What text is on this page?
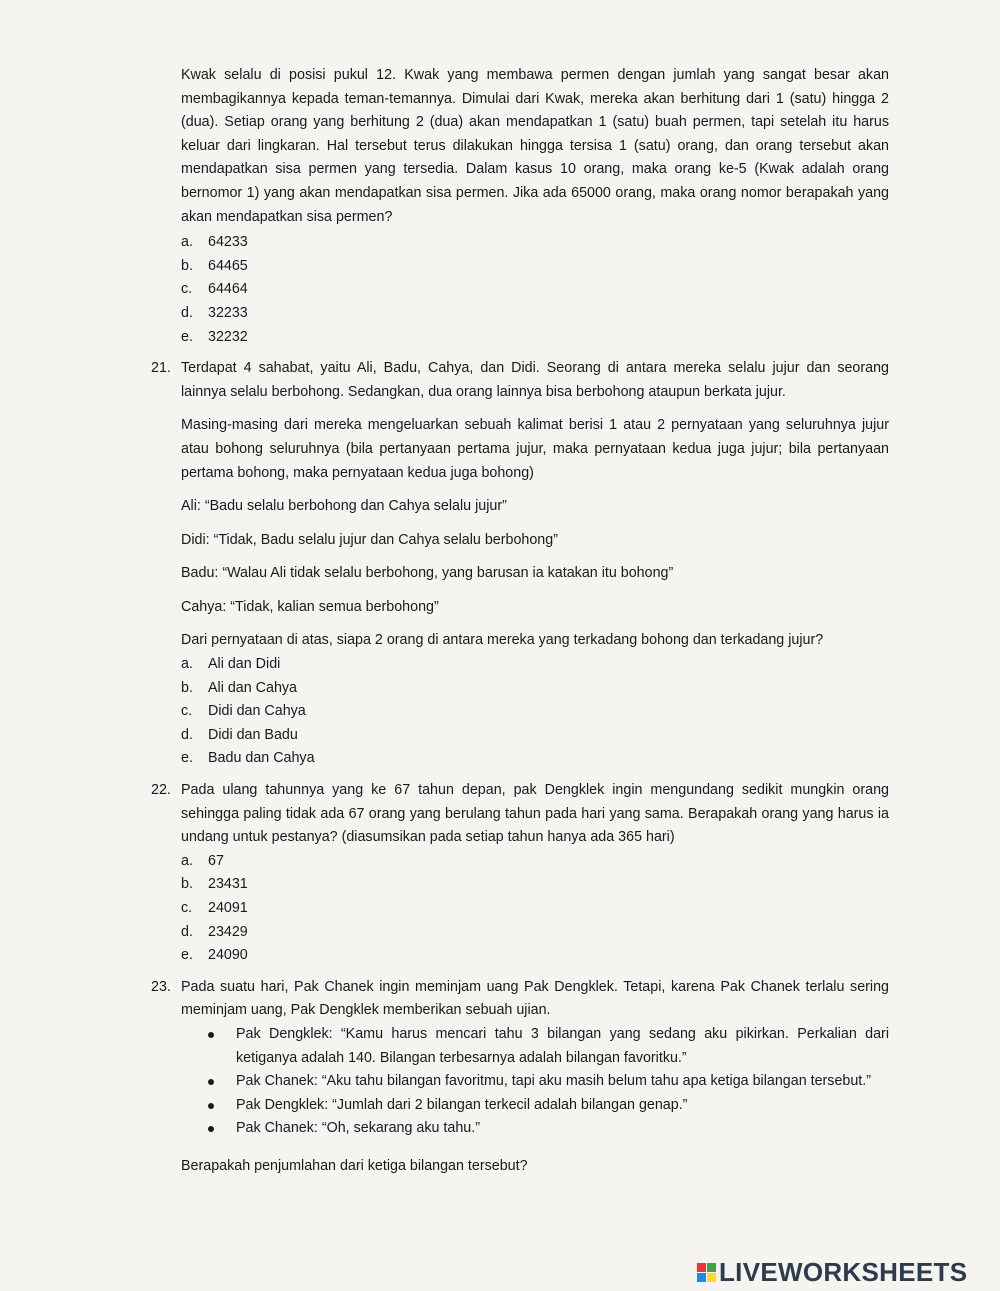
Kwak selalu di posisi pukul 12. Kwak yang membawa permen dengan jumlah yang sangat besar akan membagikannya kepada teman-temannya. Dimulai dari Kwak, mereka akan berhitung dari 1 (satu) hingga 2 (dua). Setiap orang yang berhitung 2 (dua) akan mendapatkan 1 (satu) buah permen, tapi setelah itu harus keluar dari lingkaran. Hal tersebut terus dilakukan hingga tersisa 1 (satu) orang, dan orang tersebut akan mendapatkan sisa permen yang tersedia. Dalam kasus 10 orang, maka orang ke-5 (Kwak adalah orang bernomor 1) yang akan mendapatkan sisa permen. Jika ada 65000 orang, maka orang nomor berapakah yang akan mendapatkan sisa permen?
a.	64233
b.	64465
c.	64464
d.	32233
e.	32232
21. Terdapat 4 sahabat, yaitu Ali, Badu, Cahya, dan Didi. Seorang di antara mereka selalu jujur dan seorang lainnya selalu berbohong. Sedangkan, dua orang lainnya bisa berbohong ataupun berkata jujur.
Masing-masing dari mereka mengeluarkan sebuah kalimat berisi 1 atau 2 pernyataan yang seluruhnya jujur atau bohong seluruhnya (bila pertanyaan pertama jujur, maka pernyataan kedua juga jujur; bila pertanyaan pertama bohong, maka pernyataan kedua juga bohong)
Ali: “Badu selalu berbohong dan Cahya selalu jujur”
Didi: “Tidak, Badu selalu jujur dan Cahya selalu berbohong”
Badu: “Walau Ali tidak selalu berbohong, yang barusan ia katakan itu bohong”
Cahya: “Tidak, kalian semua berbohong”
Dari pernyataan di atas, siapa 2 orang di antara mereka yang terkadang bohong dan terkadang jujur?
a.	Ali dan Didi
b.	Ali dan Cahya
c.	Didi dan Cahya
d.	Didi dan Badu
e.	Badu dan Cahya
22. Pada ulang tahunnya yang ke 67 tahun depan, pak Dengklek ingin mengundang sedikit mungkin orang sehingga paling tidak ada 67 orang yang berulang tahun pada hari yang sama. Berapakah orang yang harus ia undang untuk pestanya? (diasumsikan pada setiap tahun hanya ada 365 hari)
a.	67
b.	23431
c.	24091
d.	23429
e.	24090
23. Pada suatu hari, Pak Chanek ingin meminjam uang Pak Dengklek. Tetapi, karena Pak Chanek terlalu sering meminjam uang, Pak Dengklek memberikan sebuah ujian.
Pak Dengklek: “Kamu harus mencari tahu 3 bilangan yang sedang aku pikirkan. Perkalian dari ketiganya adalah 140. Bilangan terbesarnya adalah bilangan favoritku.”
Pak Chanek: “Aku tahu bilangan favoritmu, tapi aku masih belum tahu apa ketiga bilangan tersebut.”
Pak Dengklek: “Jumlah dari 2 bilangan terkecil adalah bilangan genap.”
Pak Chanek: “Oh, sekarang aku tahu.”
Berapakah penjumlahan dari ketiga bilangan tersebut?
LIVEWORKSHEETS
